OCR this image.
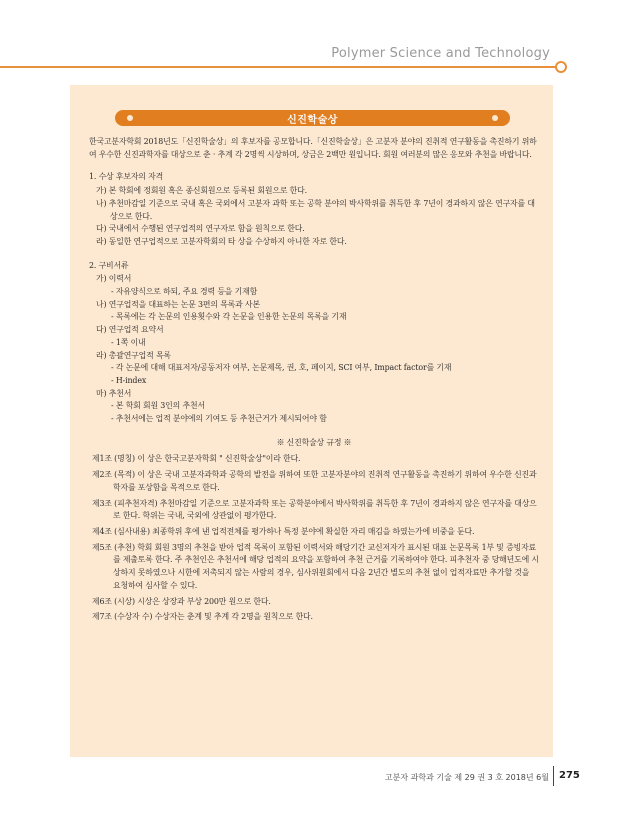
Polymer Science and Technology
신진학술상

한국고분자학회 2018년도「신진학술상」의 후보자를 공모합니다.「신진학술상」은 고분자 분야의 진취적 연구활동을 촉진하기 위하여 우수한 신진과학자를 대상으로 춘 · 추계 각 2명씩 시상하며, 상금은 2백만 원입니다. 회원 여러분의 많은 응모와 추천을 바랍니다.

1. 수상 후보자의 자격

가) 본 학회에 정회원 혹은 종신회원으로 등록된 회원으로 한다.

나) 추천마감일 기준으로 국내 혹은 국외에서 고분자 과학 또는 공학 분야의 박사학위를 취득한 후 7년이 경과하지 않은 연구자를 대상으로 한다.

다) 국내에서 수행된 연구업적의 연구자로 함을 원칙으로 한다.

라) 동일한 연구업적으로 고분자학회의 타 상을 수상하지 아니한 자로 한다.

2. 구비서류

가) 이력서

- 자유양식으로 하되, 주요 경력 등을 기재함

나) 연구업적을 대표하는 논문 3편의 목록과 사본

- 목록에는 각 논문의 인용횟수와 각 논문을 인용한 논문의 목록을 기재

다) 연구업적 요약서

- 1쪽 이내

라) 총괄연구업적 목록

- 각 논문에 대해 대표저자/공동저자 여부, 논문제목, 권, 호, 페이지, SCI 여부, Impact factor를 기재

- H-index

마) 추천서

- 본 학회 회원 3인의 추천서

- 추천서에는 업적 분야에의 기여도 등 추천근거가 제시되어야 함

※ 신진학술상 규정 ※

제1조 (명칭) 이 상은 한국고분자학회 " 신진학술상"이라 한다.

제2조 (목적) 이 상은 국내 고분자과학과 공학의 발전을 위하여 또한 고분자분야의 진취적 연구활동을 촉진하기 위하여 우수한 신진과학자를 포상함을 목적으로 한다.

제3조 (피추천자격) 추천마감일 기준으로 고분자과학 또는 공학분야에서 박사학위를 취득한 후 7년이 경과하지 않은 연구자를 대상으로 한다. 학위는 국내, 국외에 상관없이 평가한다.

제4조 (심사내용) 최종학위 후에 낸 업적전체를 평가하나 특정 분야에 확실한 자리 매김을 하였는가에 비중을 둔다.

제5조 (추천) 학회 회원 3명의 추천을 받아 업적 목록이 포함된 이력서와 해당기간 교신저자가 표시된 대표 논문목록 1부 및 증빙자료를 제출토록 한다. 주 추천인은 추천서에 해당 업적의 요약을 포함하여 추천 근거를 기록하여야 한다. 피추천자 중 당해년도에 시상하지 못하였으나 시한에 저촉되지 않는 사람의 경우, 심사위원회에서 다음 2년간 별도의 추천 없이 업적자료만 추가할 것을 요청하여 심사할 수 있다.

제6조 (시상) 시상은 상장과 부상 200만 원으로 한다.

제7조 (수상자 수) 수상자는 춘계 및 추계 각 2명을 원칙으로 한다.

고분자 과학과 기술 제 29 권 3 호 2018년 6월 275
